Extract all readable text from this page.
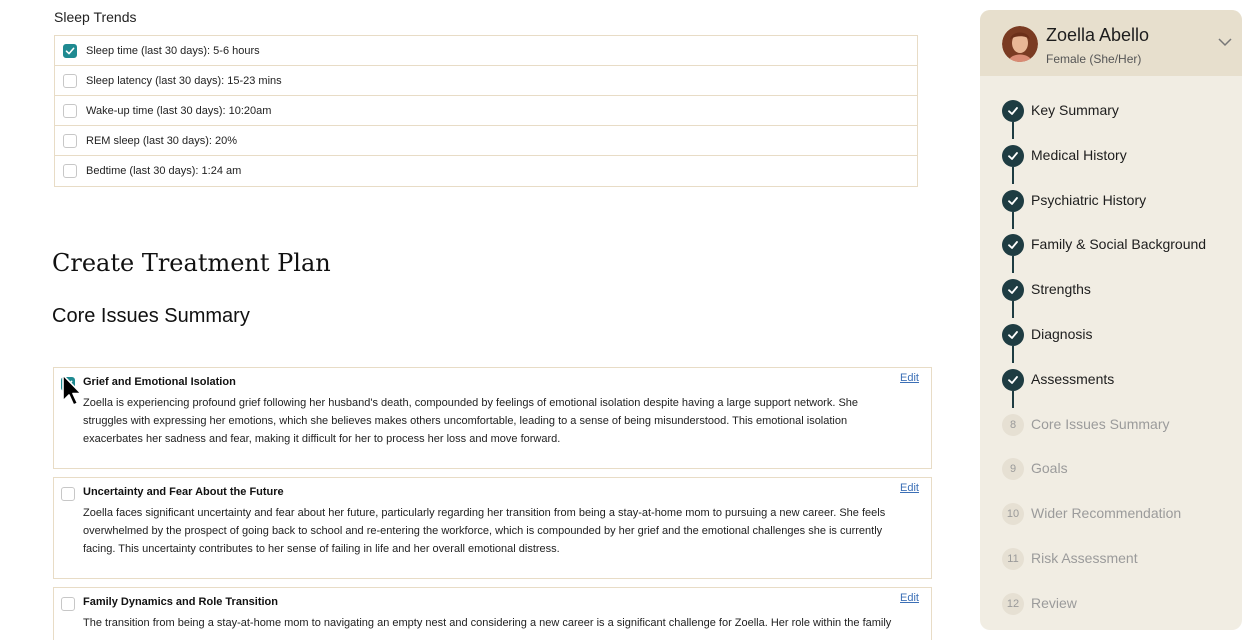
Sleep Trends
Sleep time (last 30 days): 5-6 hours
Sleep latency (last 30 days): 15-23 mins
Wake-up time (last 30 days): 10:20am
REM sleep (last 30 days): 20%
Bedtime (last 30 days): 1:24 am
Create Treatment Plan
Core Issues Summary
Grief and Emotional Isolation	Edit
Zoella is experiencing profound grief following her husband's death, compounded by feelings of emotional isolation despite having a large support network. She struggles with expressing her emotions, which she believes makes others uncomfortable, leading to a sense of being misunderstood. This emotional isolation exacerbates her sadness and fear, making it difficult for her to process her loss and move forward.
Uncertainty and Fear About the Future	Edit
Zoella faces significant uncertainty and fear about her future, particularly regarding her transition from being a stay-at-home mom to pursuing a new career. She feels overwhelmed by the prospect of going back to school and re-entering the workforce, which is compounded by her grief and the emotional challenges she is currently facing. This uncertainty contributes to her sense of failing in life and her overall emotional distress.
Family Dynamics and Role Transition	Edit
The transition from being a stay-at-home mom to navigating an empty nest and considering a new career is a significant challenge for Zoella. Her role within the family
Zoella Abello
Female (She/Her)
Key Summary
Medical History
Psychiatric History
Family & Social Background
Strengths
Diagnosis
Assessments
8	Core Issues Summary
9	Goals
10 Wider Recommendation
11 Risk Assessment
12 Review
